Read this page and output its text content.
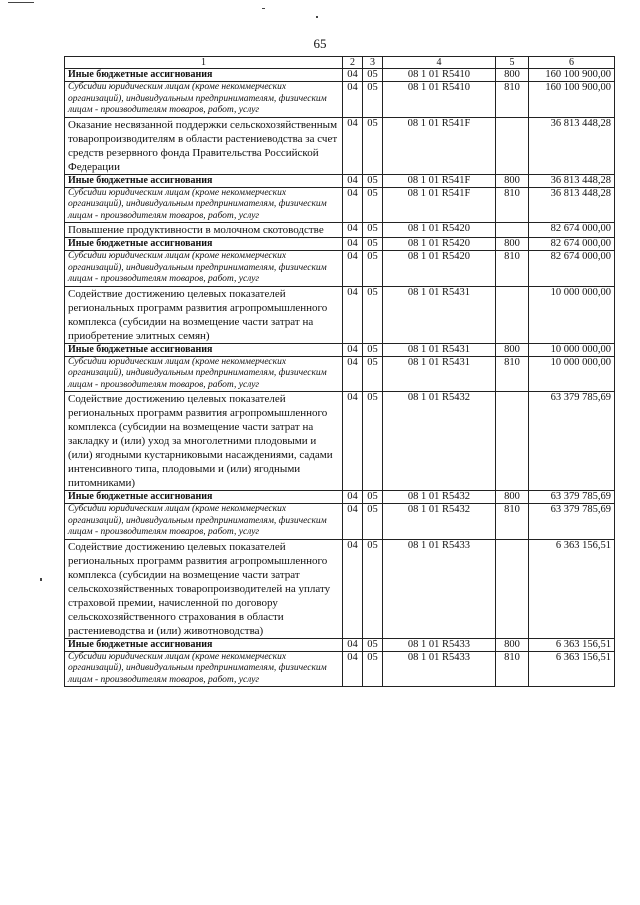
65
1	2	3	4	5	6
Иные бюджетные ассигнования	04	05	08 1 01 R5410	800	160 100 900,00
Субсидии юридическим лицам (кроме некоммерческих организаций), индивидуальным предпринимателям, физическим лицам - производителям товаров, работ, услуг	04	05	08 1 01 R5410	810	160 100 900,00
Оказание несвязанной поддержки сельскохозяйственным товаропроизводителям в области растениеводства за счет средств резервного фонда Правительства Российской Федерации	04	05	08 1 01 R541F		36 813 448,28
Иные бюджетные ассигнования	04	05	08 1 01 R541F	800	36 813 448,28
Субсидии юридическим лицам (кроме некоммерческих организаций), индивидуальным предпринимателям, физическим лицам - производителям товаров, работ, услуг	04	05	08 1 01 R541F	810	36 813 448,28
Повышение продуктивности в молочном скотоводстве	04	05	08 1 01 R5420		82 674 000,00
Иные бюджетные ассигнования	04	05	08 1 01 R5420	800	82 674 000,00
Субсидии юридическим лицам (кроме некоммерческих организаций), индивидуальным предпринимателям, физическим лицам - производителям товаров, работ, услуг	04	05	08 1 01 R5420	810	82 674 000,00
Содействие достижению целевых показателей региональных программ развития агропромышленного комплекса (субсидии на возмещение части затрат на приобретение элитных семян)	04	05	08 1 01 R5431		10 000 000,00
Иные бюджетные ассигнования	04	05	08 1 01 R5431	800	10 000 000,00
Субсидии юридическим лицам (кроме некоммерческих организаций), индивидуальным предпринимателям, физическим лицам - производителям товаров, работ, услуг	04	05	08 1 01 R5431	810	10 000 000,00
Содействие достижению целевых показателей региональных программ развития агропромышленного комплекса (субсидии на возмещение части затрат на закладку и (или) уход за многолетними плодовыми и (или) ягодными кустарниковыми насаждениями, садами интенсивного типа, плодовыми и (или) ягодными питомниками)	04	05	08 1 01 R5432		63 379 785,69
Иные бюджетные ассигнования	04	05	08 1 01 R5432	800	63 379 785,69
Субсидии юридическим лицам (кроме некоммерческих организаций), индивидуальным предпринимателям, физическим лицам - производителям товаров, работ, услуг	04	05	08 1 01 R5432	810	63 379 785,69
Содействие достижению целевых показателей региональных программ развития агропромышленного комплекса (субсидии на возмещение части затрат сельскохозяйственных товаропроизводителей на уплату страховой премии, начисленной по договору сельскохозяйственного страхования в области растениеводства и (или) животноводства)	04	05	08 1 01 R5433		6 363 156,51
Иные бюджетные ассигнования	04	05	08 1 01 R5433	800	6 363 156,51
Субсидии юридическим лицам (кроме некоммерческих организаций), индивидуальным предпринимателям, физическим лицам - производителям товаров, работ, услуг	04	05	08 1 01 R5433	810	6 363 156,51
